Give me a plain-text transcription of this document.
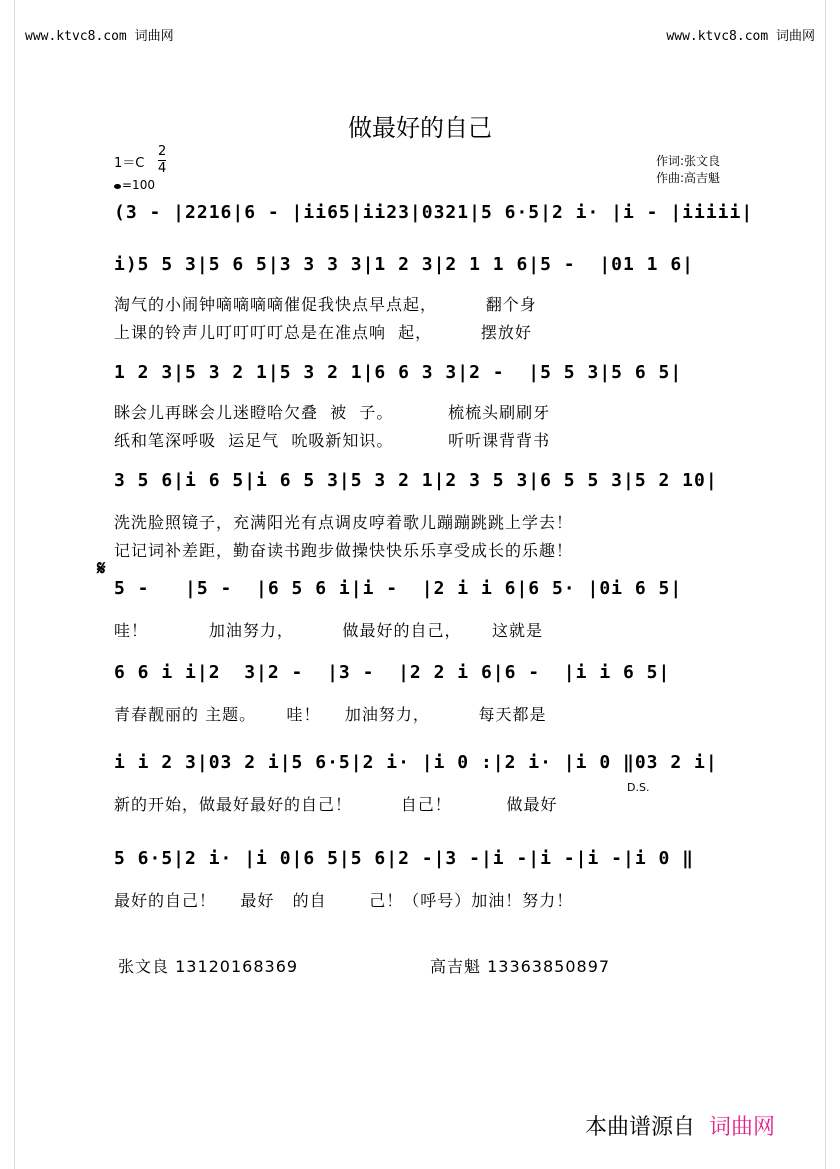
www.ktvc8.com 词曲网	www.ktvc8.com 词曲网
做最好的自己
$1=C \frac{2}{4}$
=100
作词:张文良
作曲:高吉魁
(3 - |2216|6 - |ii65|ii23|0321|5 6·5|2 i· |i - |iiiii|
i)5 5 3|5 6 5|3 3 3 3|1 2 3|2 1 1 6|5 -  |01 1 6|
淘气的小闹钟嘀嘀嘀嘀催促我快点早点起，        翻个身
上课的铃声儿叮叮叮叮总是在准点响  起，        摆放好
1 2 3|5 3 2 1|5 3 2 1|6 6 3 3|2 -  |5 5 3|5 6 5|
眯会儿再眯会儿迷瞪哈欠叠  被  子。         梳梳头刷刷牙
纸和笔深呼吸  运足气  吮吸新知识。         听听课背背书
3 5 6|i 6 5|i 6 5 3|5 3 2 1|2 3 5 3|6 5 5 3|5 2 10|
洗洗脸照镜子，充满阳光有点调皮哼着歌儿蹦蹦跳跳上学去！
记记词补差距，勤奋读书跑步做操快快乐乐享受成长的乐趣！
𝄋
5 -   |5 -  |6 5 6 i|i -  |2 i i 6|6 5· |0i 6 5|
哇！          加油努力，        做最好的自己，     这就是
6 6 i i|2  3|2 -  |3 -  |2 2 i 6|6 -  |i i 6 5|
青春靓丽的 主题。     哇！    加油努力，        每天都是
i i 2 3|03 2 i|5 6·5|2 i· |i 0 :|2 i· |i 0 ‖03 2 i|
D.S.
新的开始，做最好最好的自己！        自己！         做最好
5 6·5|2 i· |i 0|6 5|5 6|2 -|3 -|i -|i -|i -|i 0 ‖
最好的自己！    最好   的自       己！（呼号）加油！努力！
张文良 13120168369	高吉魁 13363850897
本曲谱源自 词曲网
